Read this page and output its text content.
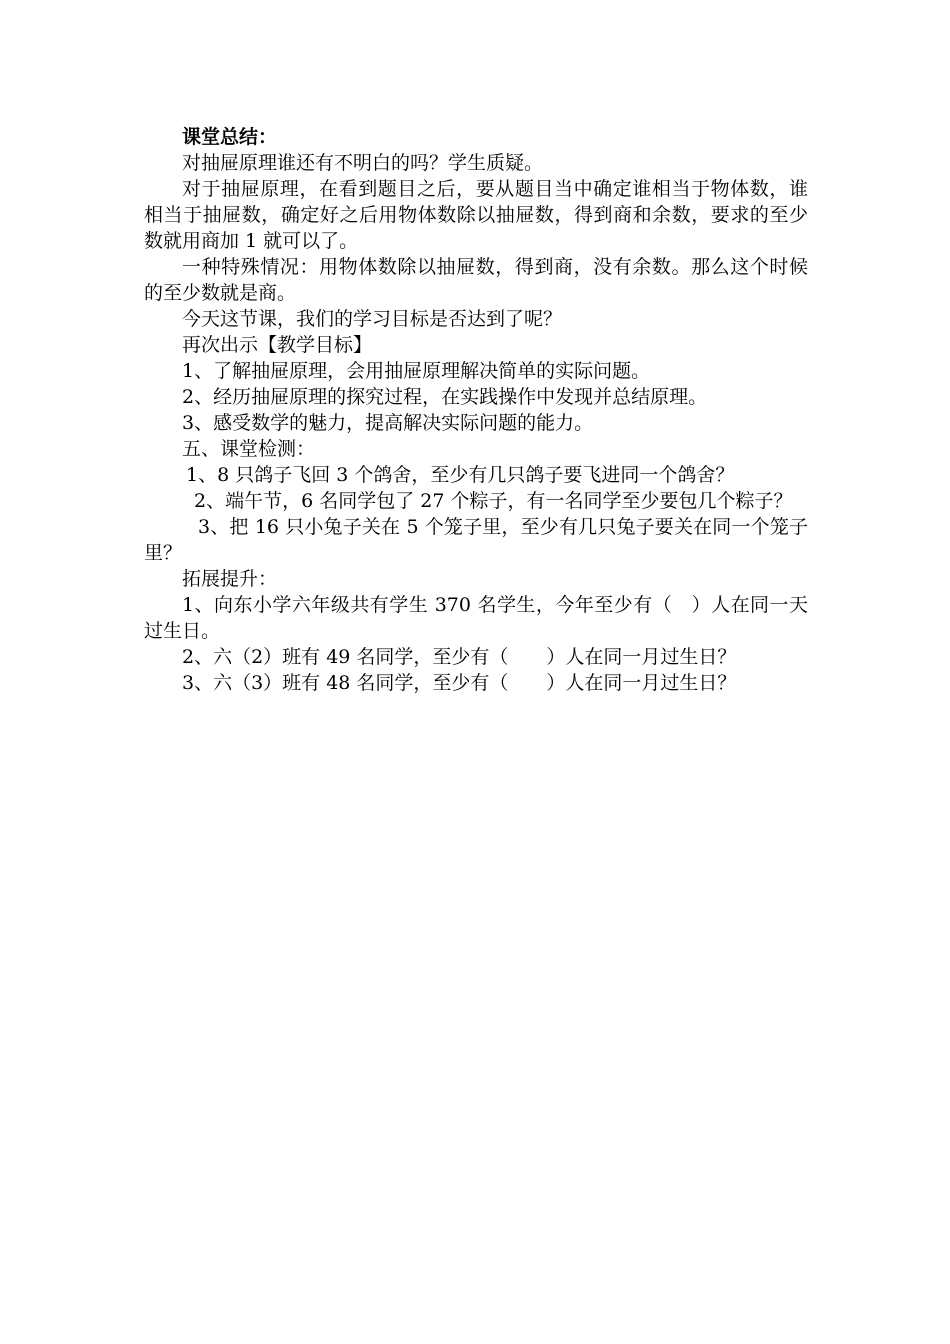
课堂总结：

对抽屉原理谁还有不明白的吗？学生质疑。

对于抽屉原理，在看到题目之后，要从题目当中确定谁相当于物体数，谁相当于抽屉数，确定好之后用物体数除以抽屉数，得到商和余数，要求的至少数就用商加 1 就可以了。

一种特殊情况：用物体数除以抽屉数，得到商，没有余数。那么这个时候的至少数就是商。

今天这节课，我们的学习目标是否达到了呢？

再次出示【教学目标】

1、了解抽屉原理，会用抽屉原理解决简单的实际问题。

2、经历抽屉原理的探究过程，在实践操作中发现并总结原理。

3、感受数学的魅力，提高解决实际问题的能力。

五、课堂检测：

1、8 只鸽子飞回 3 个鸽舍，至少有几只鸽子要飞进同一个鸽舍？

2、端午节，6 名同学包了 27 个粽子，有一名同学至少要包几个粽子？

3、把 16 只小兔子关在 5 个笼子里，至少有几只兔子要关在同一个笼子里？

拓展提升：

1、向东小学六年级共有学生 370 名学生，今年至少有（　）人在同一天过生日。

2、六（2）班有 49 名同学，至少有（　　）人在同一月过生日？

3、六（3）班有 48 名同学，至少有（　　）人在同一月过生日？
